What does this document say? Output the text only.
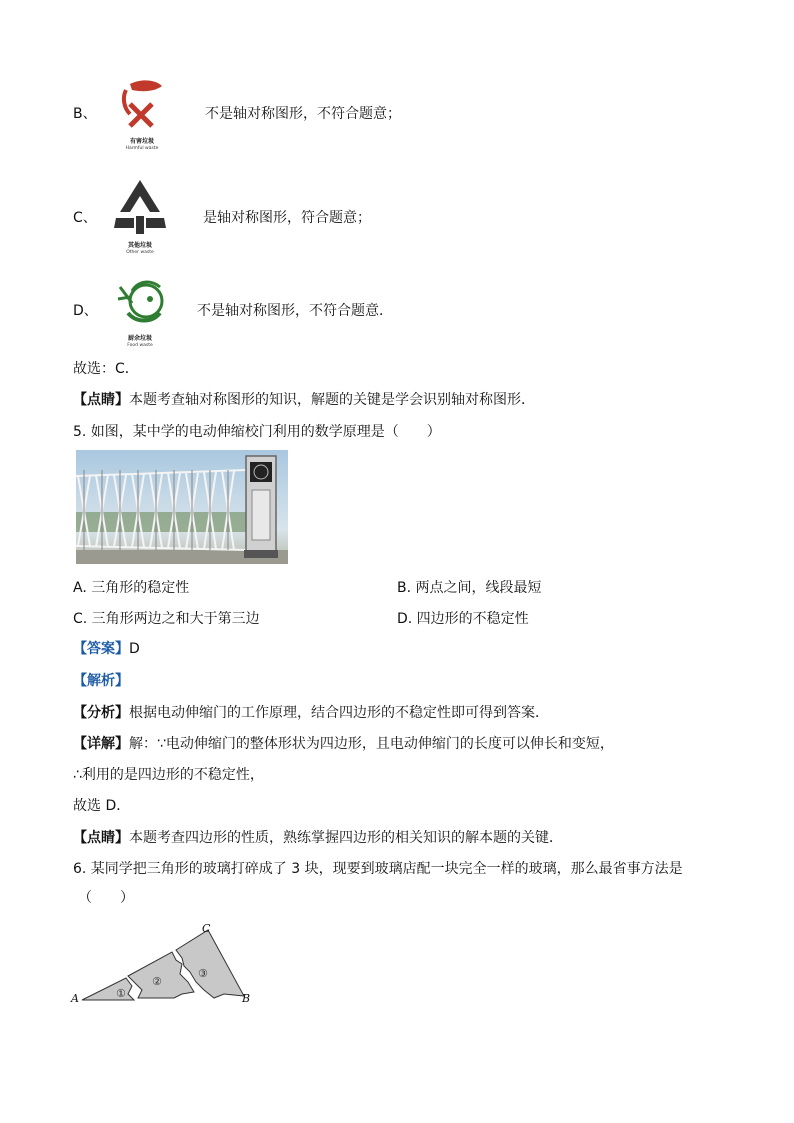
B、
有害垃圾
Harmful waste
不是轴对称图形，不符合题意；
C、
其他垃圾
Other waste
是轴对称图形，符合题意；
D、
厨余垃圾
Food waste
不是轴对称图形，不符合题意．
故选：C．
【点睛】本题考查轴对称图形的知识，解题的关键是学会识别轴对称图形．
5. 如图，某中学的电动伸缩校门利用的数学原理是（　　）
A. 三角形的稳定性	B. 两点之间，线段最短
C. 三角形两边之和大于第三边	D. 四边形的不稳定性
【答案】D
【解析】
【分析】根据电动伸缩门的工作原理，结合四边形的不稳定性即可得到答案．
【详解】解：∵电动伸缩门的整体形状为四边形，且电动伸缩门的长度可以伸长和变短，
∴利用的是四边形的不稳定性，
故选 D．
【点睛】本题考查四边形的性质，熟练掌握四边形的相关知识的解本题的关键．
6. 某同学把三角形的玻璃打碎成了 3 块，现要到玻璃店配一块完全一样的玻璃，那么最省事方法是
（　　）
①
②
③
A	B
C
